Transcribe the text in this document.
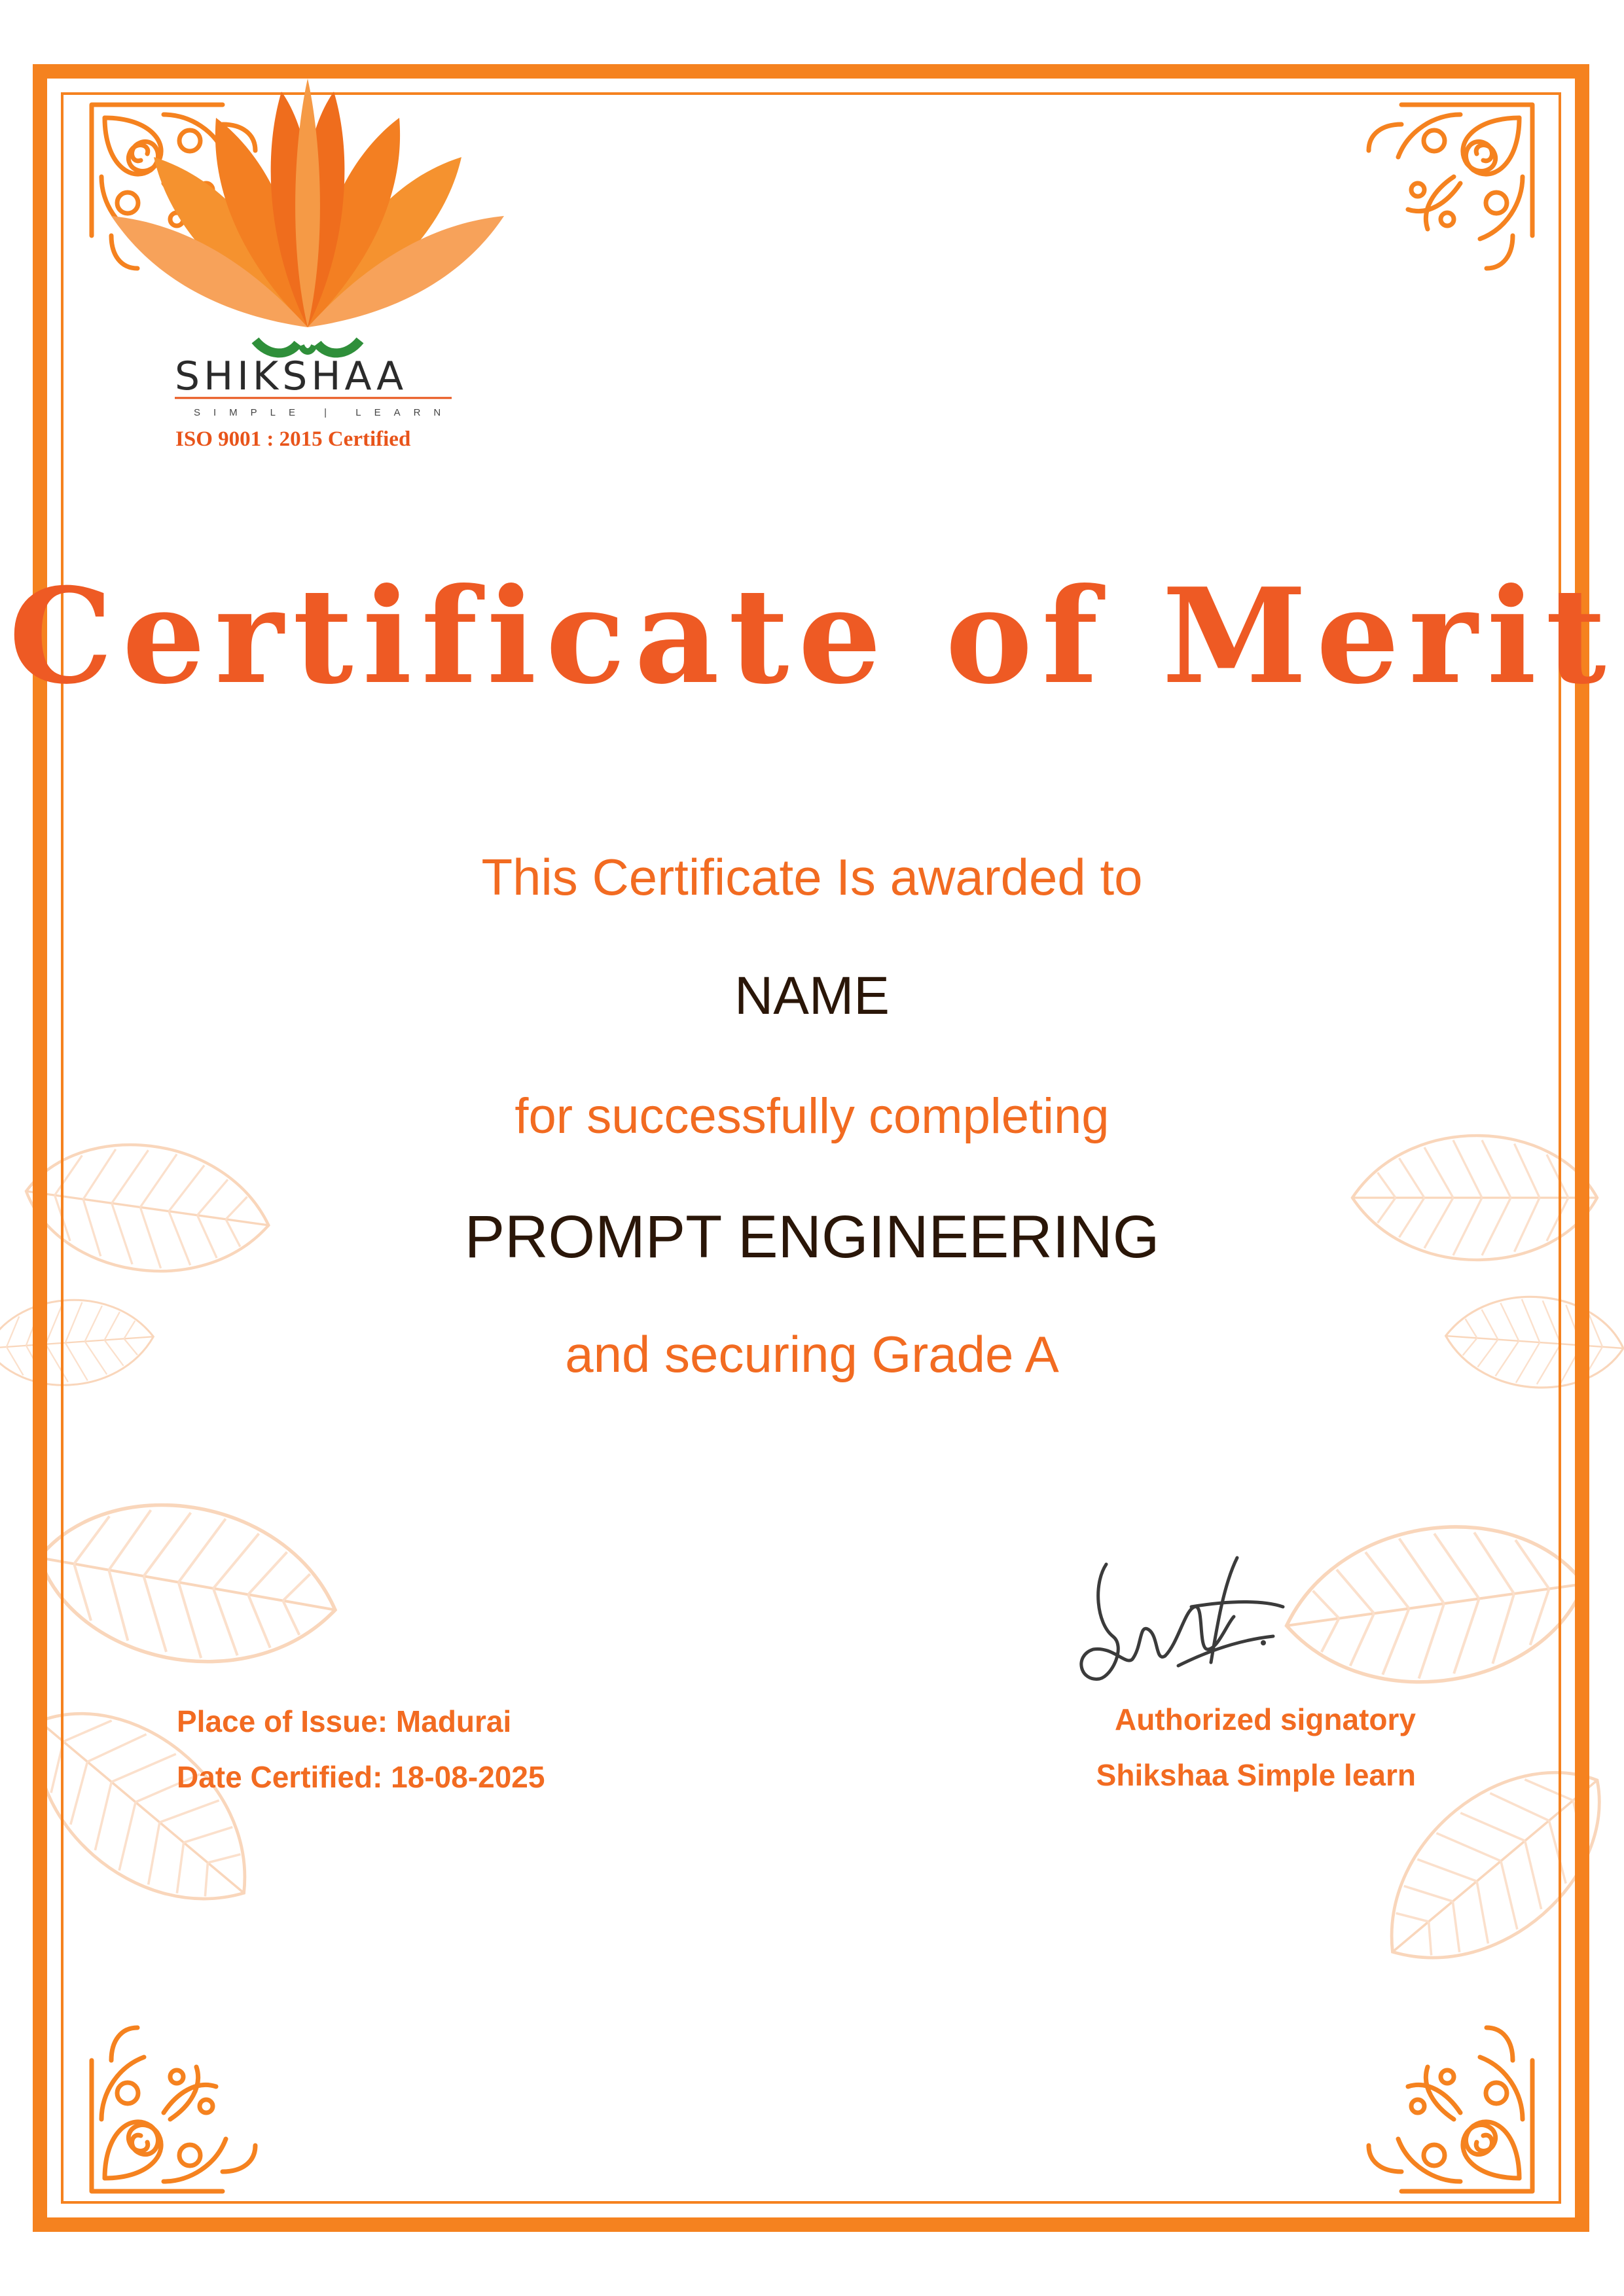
SHIKSHAA
SIMPLE | LEARN
ISO 9001 : 2015 Certified
Certificate of Merit
This Certificate Is awarded to
NAME
for successfully completing
PROMPT ENGINEERING
and securing Grade A
Place of Issue: Madurai
Date Certified: 18-08-2025
Authorized signatory
Shikshaa Simple learn
